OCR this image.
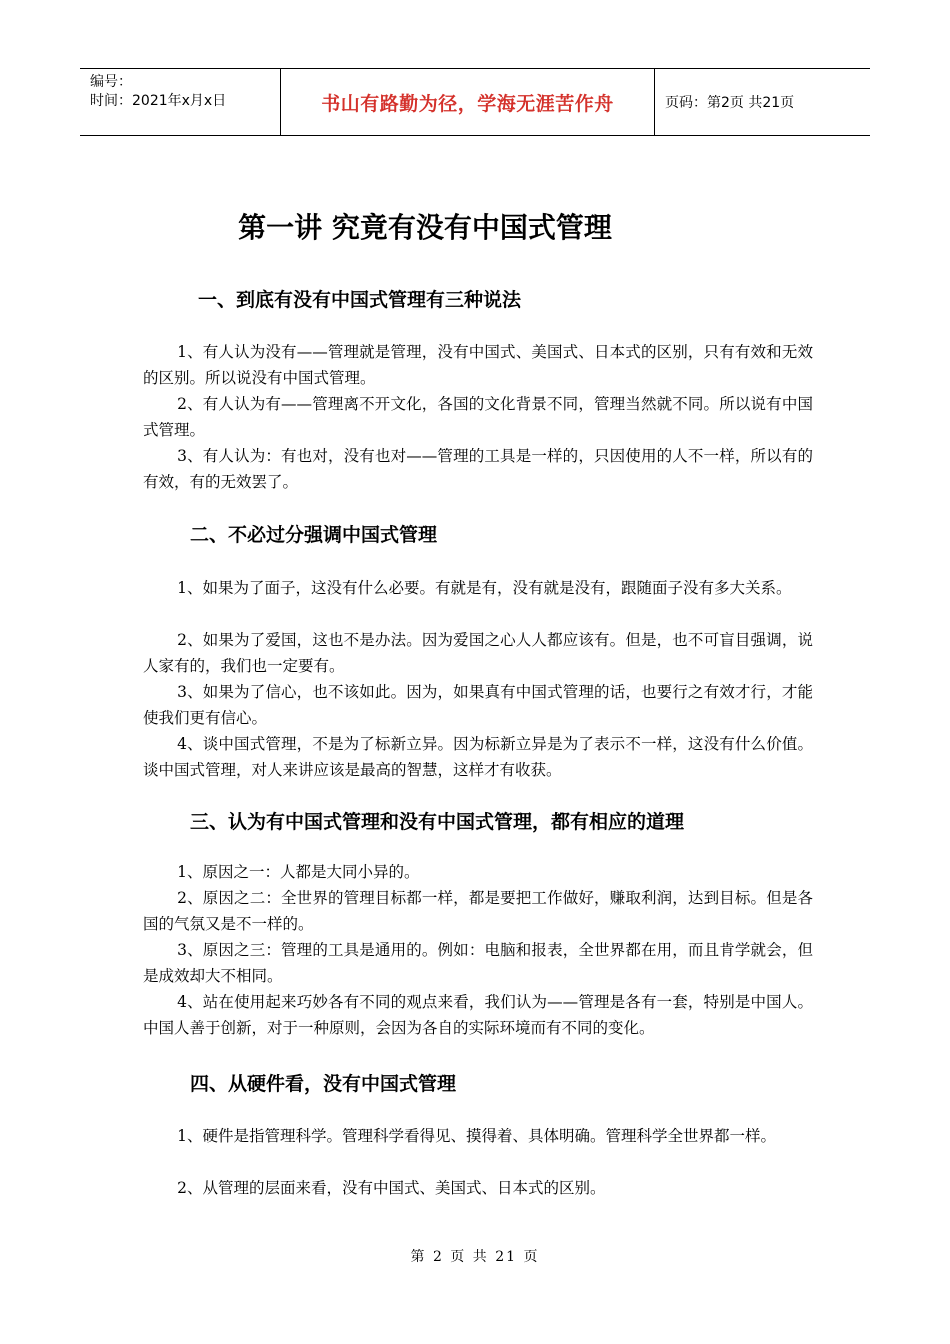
编号：
时间：2021年x月x日	书山有路勤为径，学海无涯苦作舟	页码：第2页 共21页
第一讲 究竟有没有中国式管理
一、到底有没有中国式管理有三种说法
1、有人认为没有——管理就是管理，没有中国式、美国式、日本式的区别，只有有效和无效的区别。所以说没有中国式管理。
2、有人认为有——管理离不开文化，各国的文化背景不同，管理当然就不同。所以说有中国式管理。
3、有人认为：有也对，没有也对——管理的工具是一样的，只因使用的人不一样，所以有的有效，有的无效罢了。
二、不必过分强调中国式管理
1、如果为了面子，这没有什么必要。有就是有，没有就是没有，跟随面子没有多大关系。
2、如果为了爱国，这也不是办法。因为爱国之心人人都应该有。但是，也不可盲目强调，说人家有的，我们也一定要有。
3、如果为了信心，也不该如此。因为，如果真有中国式管理的话，也要行之有效才行，才能使我们更有信心。
4、谈中国式管理，不是为了标新立异。因为标新立异是为了表示不一样，这没有什么价值。谈中国式管理，对人来讲应该是最高的智慧，这样才有收获。
三、认为有中国式管理和没有中国式管理，都有相应的道理
1、原因之一：人都是大同小异的。
2、原因之二：全世界的管理目标都一样，都是要把工作做好，赚取利润，达到目标。但是各国的气氛又是不一样的。
3、原因之三：管理的工具是通用的。例如：电脑和报表，全世界都在用，而且肯学就会，但是成效却大不相同。
4、站在使用起来巧妙各有不同的观点来看，我们认为——管理是各有一套，特别是中国人。中国人善于创新，对于一种原则，会因为各自的实际环境而有不同的变化。
四、从硬件看，没有中国式管理
1、硬件是指管理科学。管理科学看得见、摸得着、具体明确。管理科学全世界都一样。
2、从管理的层面来看，没有中国式、美国式、日本式的区别。
第 2 页 共 21 页
